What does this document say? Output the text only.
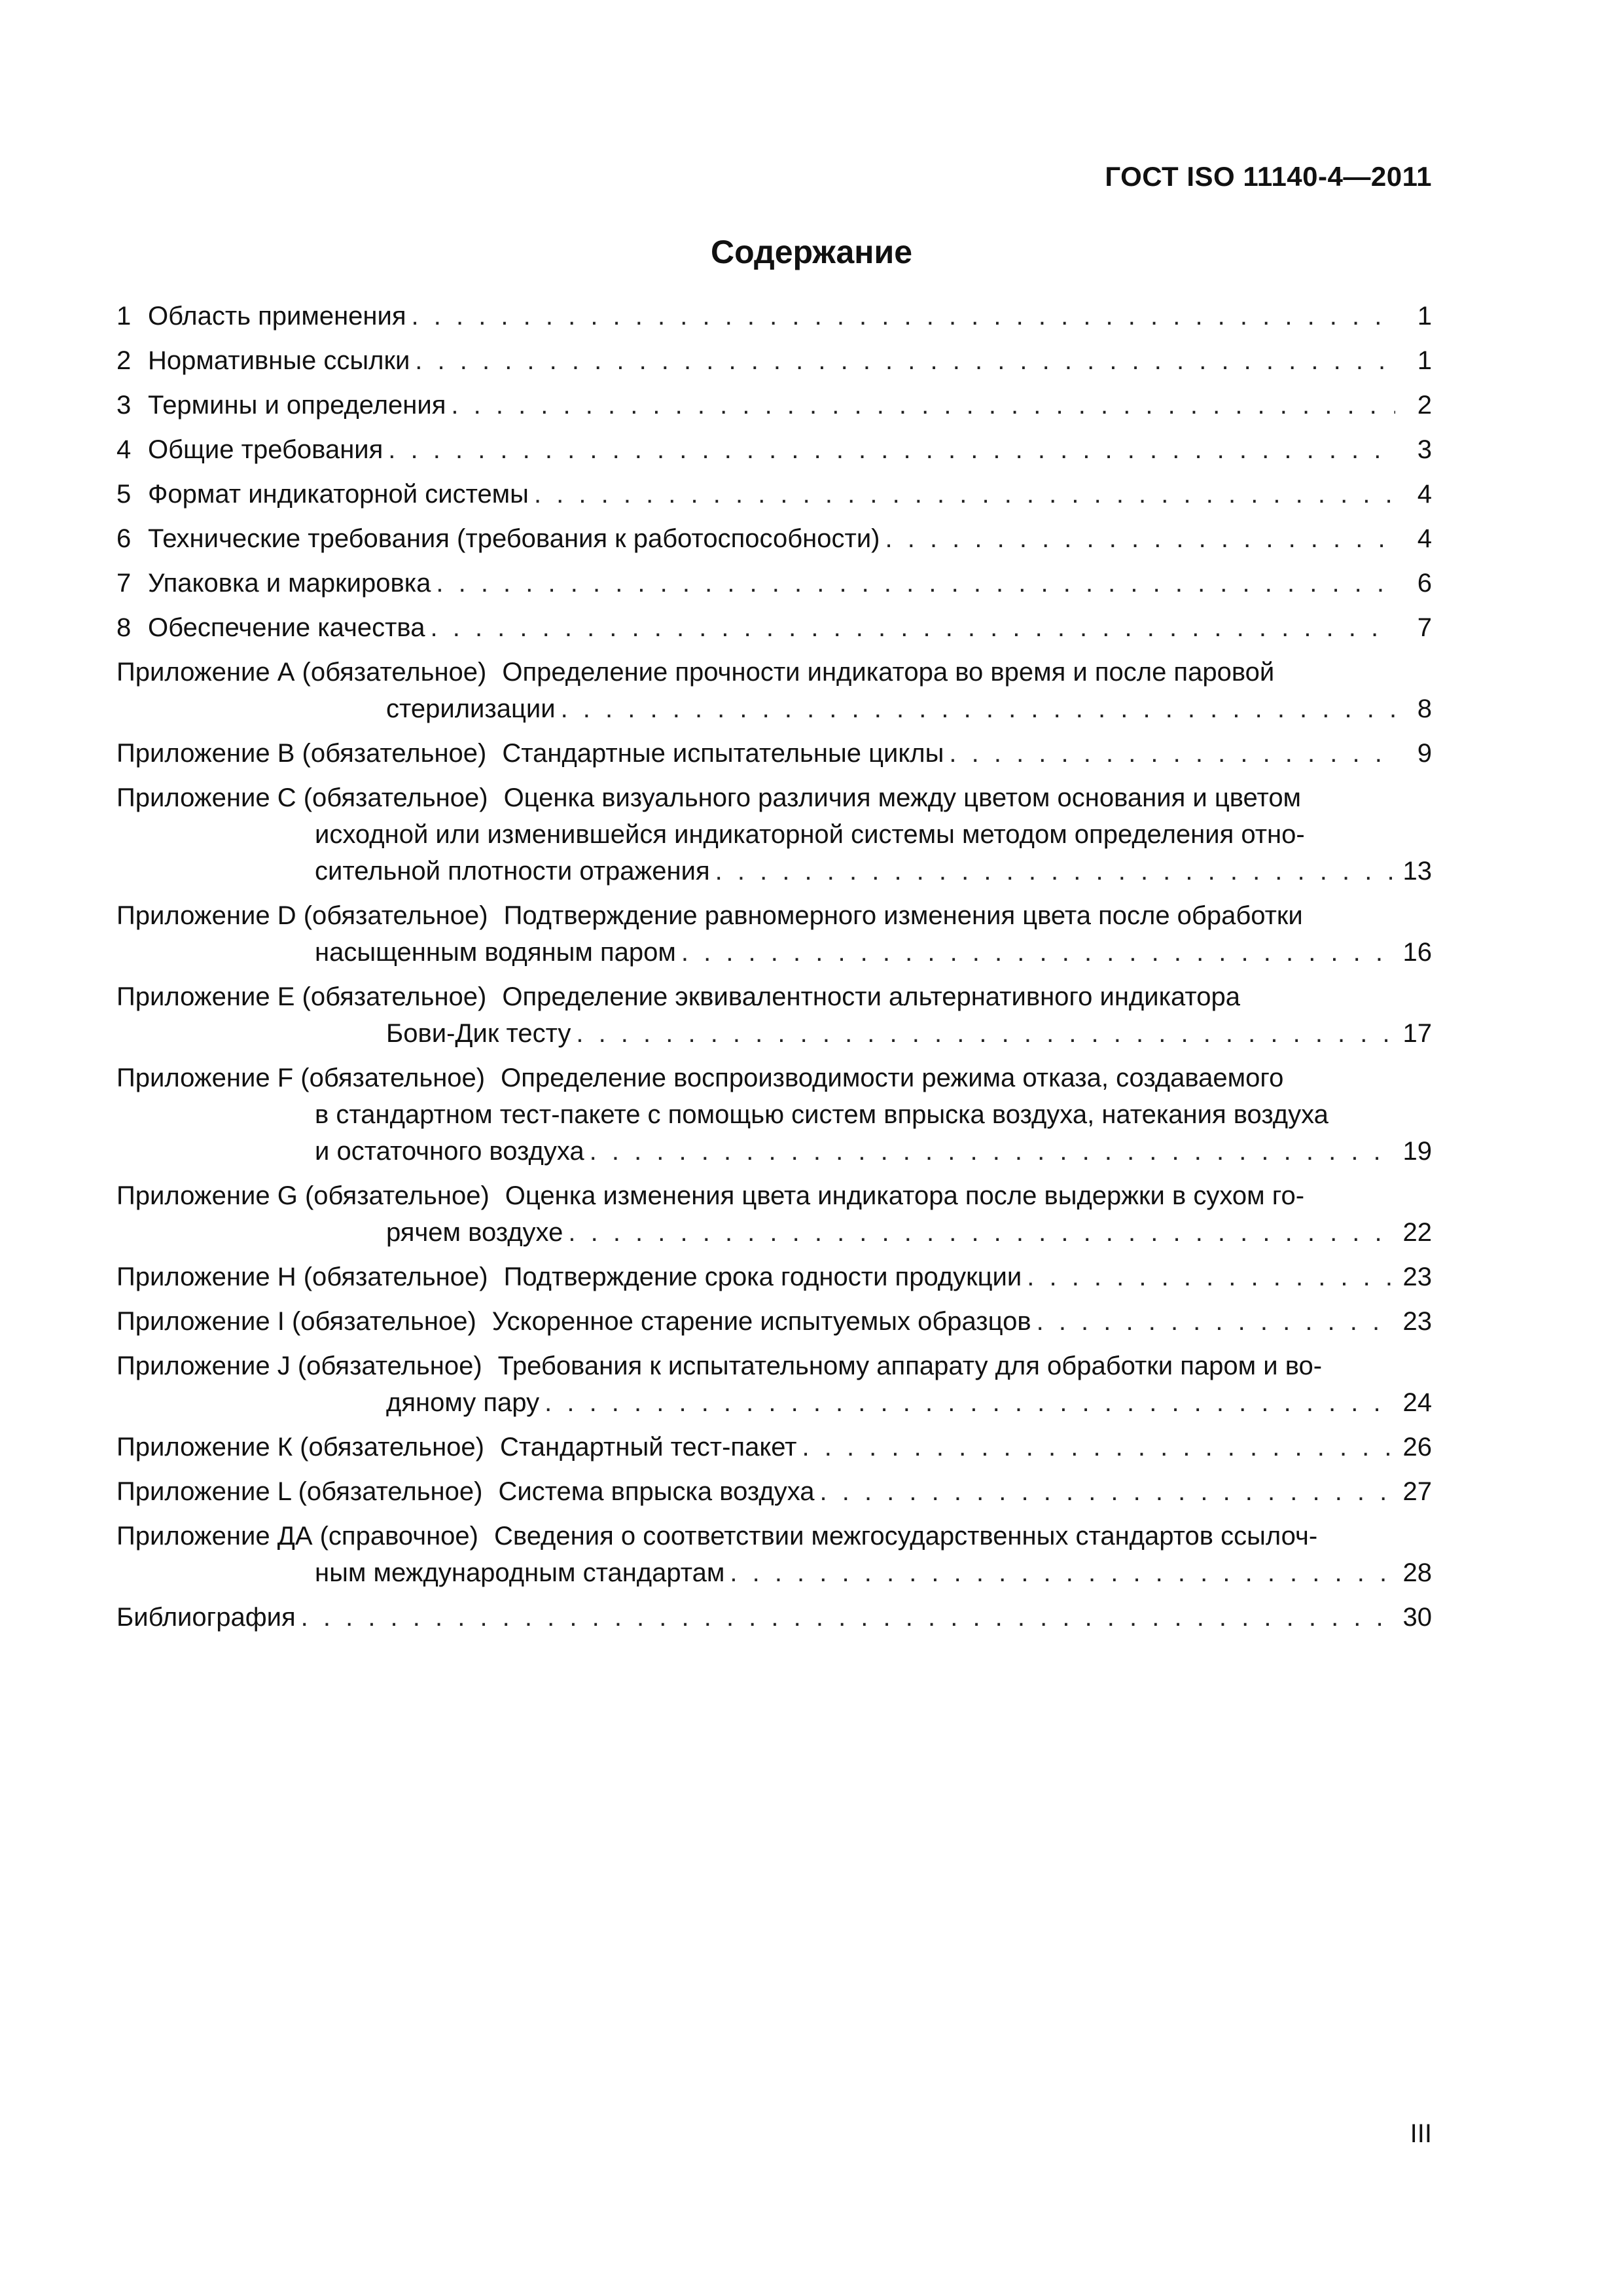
ГОСТ ISO 11140-4—2011
Содержание
1 Область применения . . .	1
2 Нормативные ссылки . . .	1
3 Термины и определения . . .	2
4 Общие требования . . .	3
5 Формат индикаторной системы . . .	4
6 Технические требования (требования к работоспособности) . . .	4
7 Упаковка и маркировка . . .	6
8 Обеспечение качества . . .	7
Приложение А (обязательное) Определение прочности индикатора во время и после паровой
стерилизации . . .	8
Приложение В (обязательное) Стандартные испытательные циклы . . .	9
Приложение С (обязательное) Оценка визуального различия между цветом основания и цветом
исходной или изменившейся индикаторной системы методом определения отно-
сительной плотности отражения . . .	13
Приложение D (обязательное) Подтверждение равномерного изменения цвета после обработки
насыщенным водяным паром . . .	16
Приложение Е (обязательное) Определение эквивалентности альтернативного индикатора
Бови-Дик тесту . . .	17
Приложение F (обязательное) Определение воспроизводимости режима отказа, создаваемого
в стандартном тест-пакете с помощью систем впрыска воздуха, натекания воздуха
и остаточного воздуха . . .	19
Приложение G (обязательное) Оценка изменения цвета индикатора после выдержки в сухом го-
рячем воздухе . . .	22
Приложение Н (обязательное) Подтверждение срока годности продукции . . .	23
Приложение I (обязательное) Ускоренное старение испытуемых образцов . . .	23
Приложение J (обязательное) Требования к испытательному аппарату для обработки паром и во-
дяному пару . . .	24
Приложение К (обязательное) Стандартный тест-пакет . . .	26
Приложение L (обязательное) Система впрыска воздуха . . .	27
Приложение ДА (справочное) Сведения о соответствии межгосударственных стандартов ссылоч-
ным международным стандартам . . .	28
Библиография . . .	30
III
